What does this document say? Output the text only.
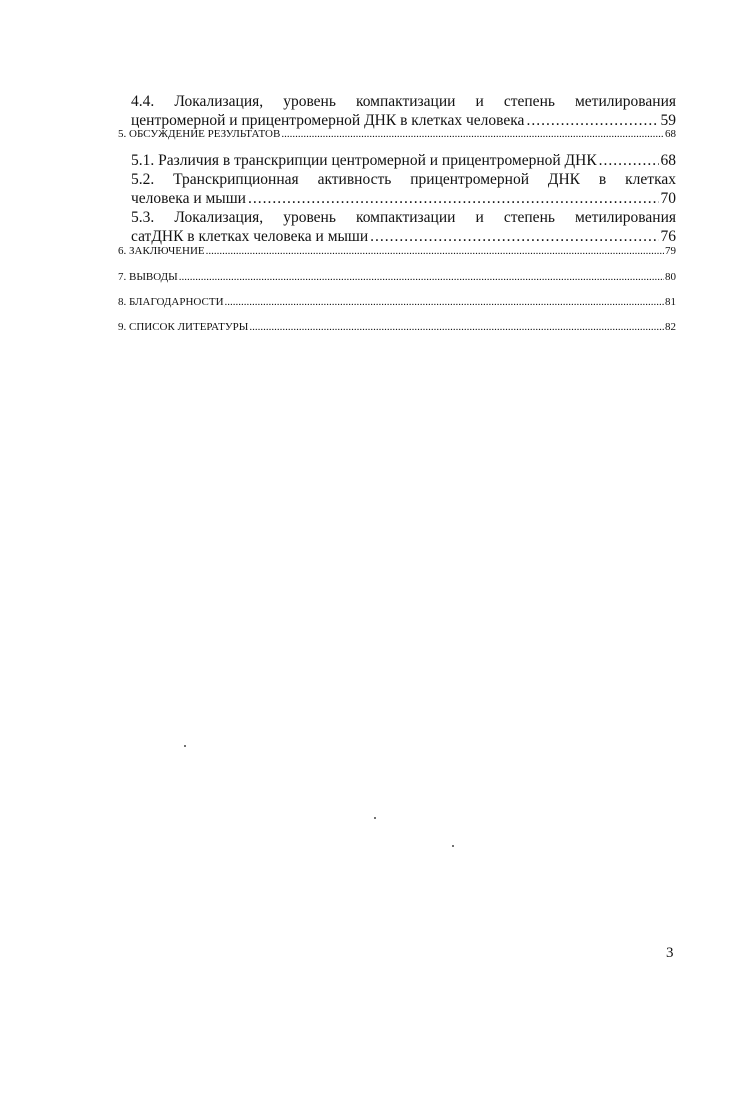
4.4. Локализация, уровень компактизации и степень метилирования
центромерной и прицентромерной ДНК в клетках человека .....	59
5. ОБСУЖДЕНИЕ РЕЗУЛЬТАТОВ .....	68
5.1. Различия в транскрипции центромерной и прицентромерной ДНК .....	68
5.2. Транскрипционная активность прицентромерной ДНК в клетках
человека и мыши .....	70
5.3. Локализация, уровень компактизации и степень метилирования
сатДНК в клетках человека и мыши .....	76
6. ЗАКЛЮЧЕНИЕ .....	79
7. ВЫВОДЫ .....	80
8. БЛАГОДАРНОСТИ .....	81
9. СПИСОК ЛИТЕРАТУРЫ .....	82
3
